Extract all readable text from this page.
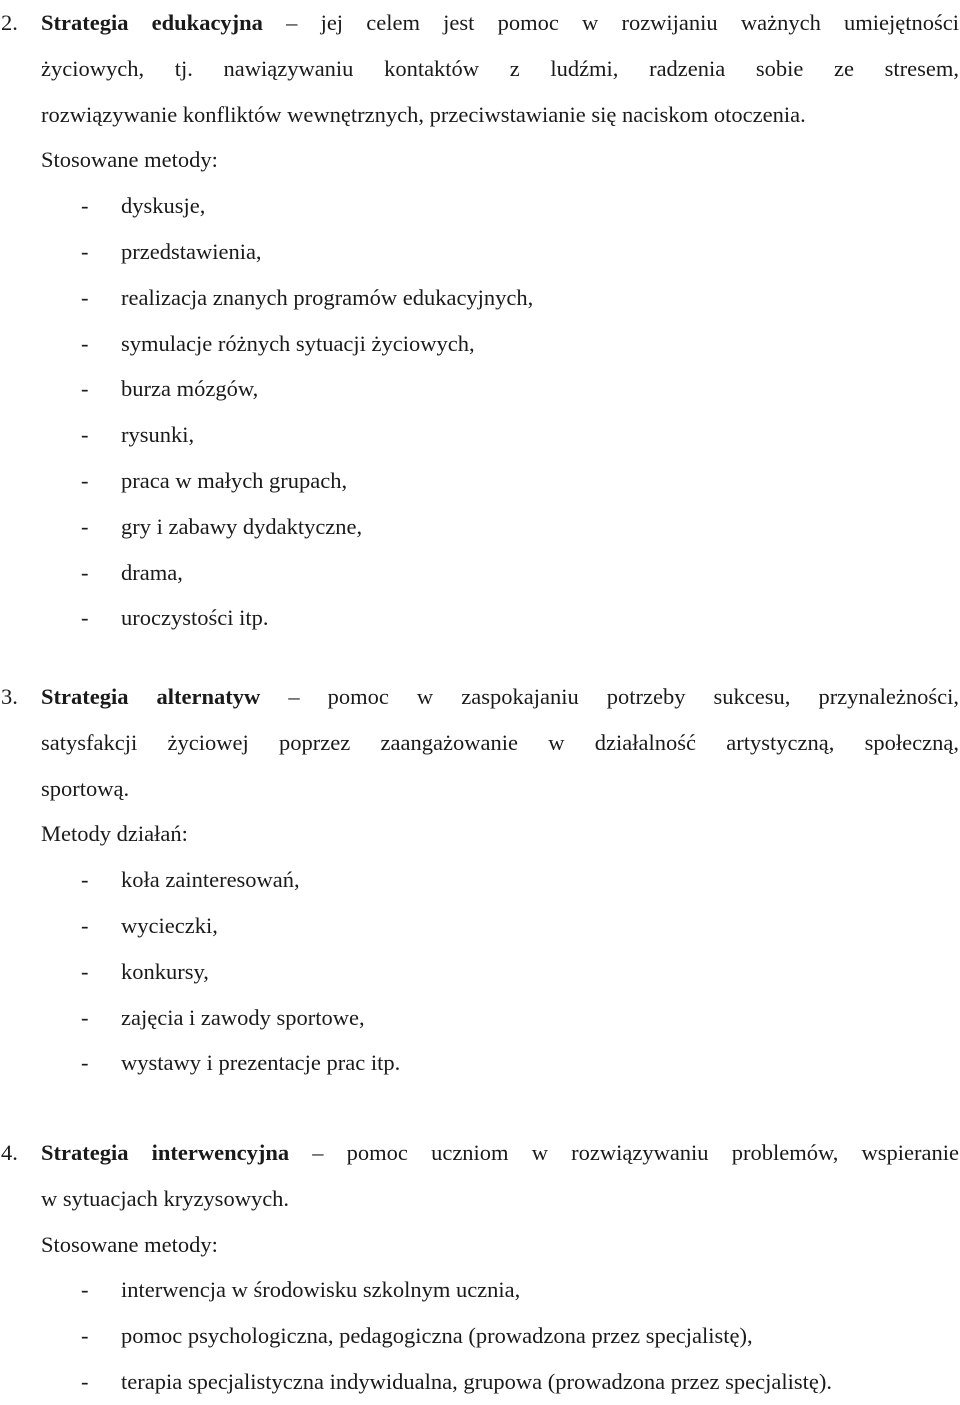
2. Strategia edukacyjna – jej celem jest pomoc w rozwijaniu ważnych umiejętności
życiowych, tj. nawiązywaniu kontaktów z ludźmi, radzenia sobie ze stresem,
rozwiązywanie konfliktów wewnętrznych, przeciwstawianie się naciskom otoczenia.
Stosowane metody:
- dyskusje,
- przedstawienia,
- realizacja znanych programów edukacyjnych,
- symulacje różnych sytuacji życiowych,
- burza mózgów,
- rysunki,
- praca w małych grupach,
- gry i zabawy dydaktyczne,
- drama,
- uroczystości itp.
3. Strategia alternatyw – pomoc w zaspokajaniu potrzeby sukcesu, przynależności,
satysfakcji życiowej poprzez zaangażowanie w działalność artystyczną, społeczną,
sportową.
Metody działań:
- koła zainteresowań,
- wycieczki,
- konkursy,
- zajęcia i zawody sportowe,
- wystawy i prezentacje prac itp.
4. Strategia interwencyjna – pomoc uczniom w rozwiązywaniu problemów, wspieranie
w sytuacjach kryzysowych.
Stosowane metody:
- interwencja w środowisku szkolnym ucznia,
- pomoc psychologiczna, pedagogiczna (prowadzona przez specjalistę),
- terapia specjalistyczna indywidualna, grupowa (prowadzona przez specjalistę).
